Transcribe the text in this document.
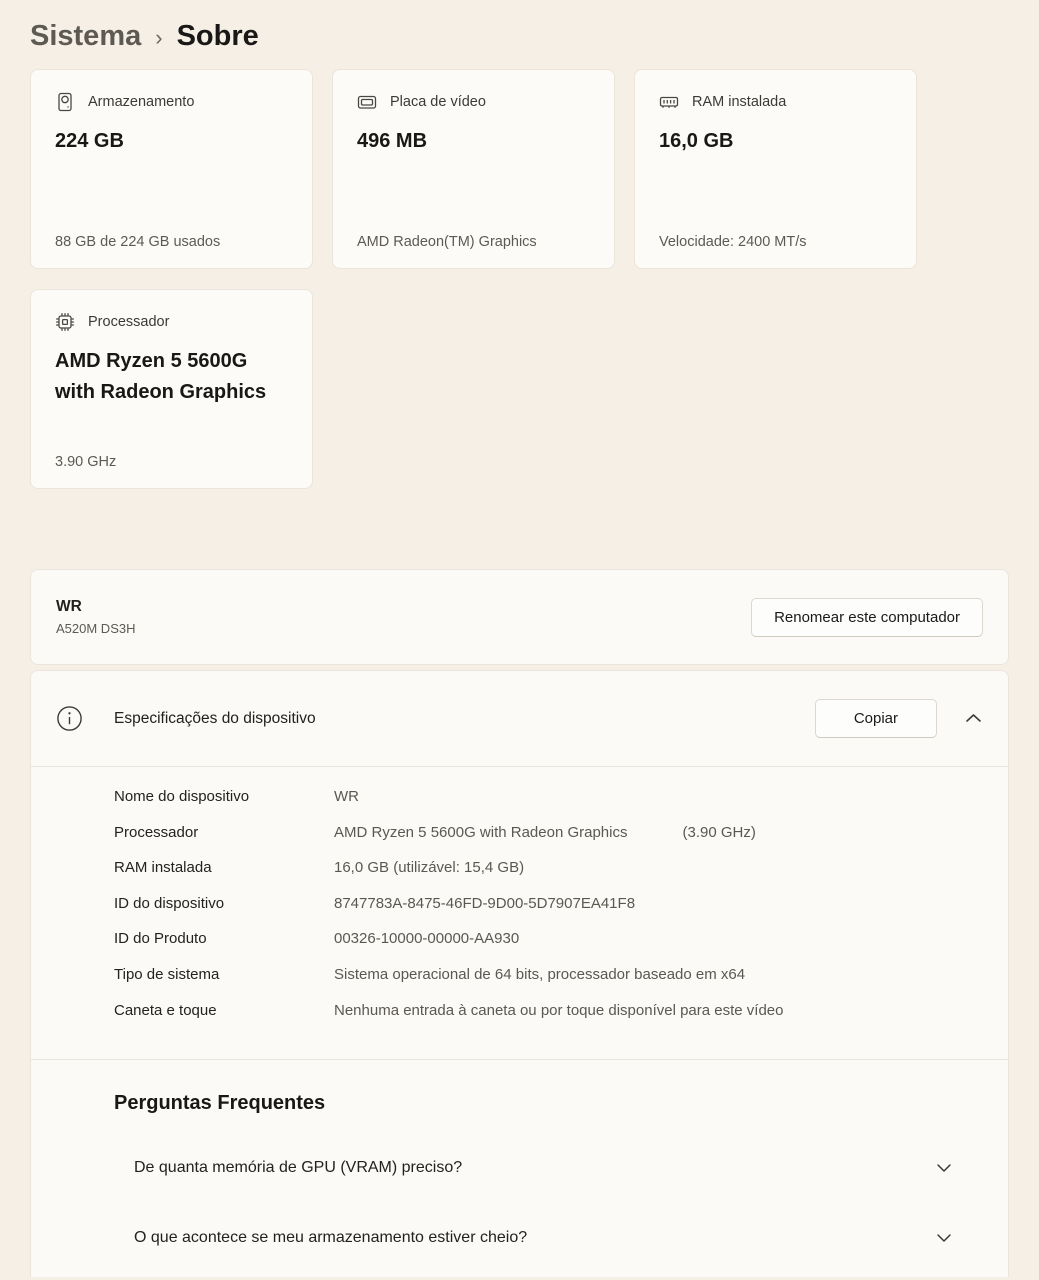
Sistema › Sobre
Armazenamento
224 GB
88 GB de 224 GB usados
Placa de vídeo
496 MB
AMD Radeon(TM) Graphics
RAM instalada
16,0 GB
Velocidade: 2400 MT/s
Processador
AMD Ryzen 5 5600G with Radeon Graphics
3.90 GHz
WR
A520M DS3H
Renomear este computador
Especificações do dispositivo	Copiar
Nome do dispositivo	WR
Processador	AMD Ryzen 5 5600G with Radeon Graphics	(3.90 GHz)
RAM instalada	16,0 GB (utilizável: 15,4 GB)
ID do dispositivo	8747783A-8475-46FD-9D00-5D7907EA41F8
ID do Produto	00326-10000-00000-AA930
Tipo de sistema	Sistema operacional de 64 bits, processador baseado em x64
Caneta e toque	Nenhuma entrada à caneta ou por toque disponível para este vídeo
Perguntas Frequentes
De quanta memória de GPU (VRAM) preciso?
O que acontece se meu armazenamento estiver cheio?
